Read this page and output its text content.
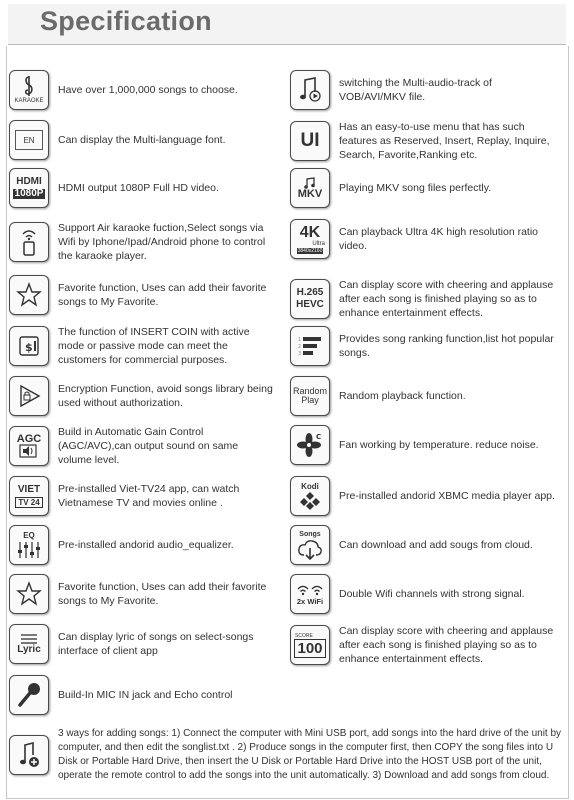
Specification
KARAOKE
Have over 1,000,000 songs to choose.
EN Can display the Multi-language font.
HDMI
1080P HDMI output 1080P Full HD video.
Support Air karaoke fuction,Select songs via Wifi by Iphone/Ipad/Android phone to control the karaoke player.
Favorite function, Uses can add their favorite songs to My Favorite.
$
The function of INSERT COIN with active mode or passive mode can meet the customers for commercial purposes.
Encryption Function, avoid songs library being used without authorization.
AGC
Build in Automatic Gain Control (AGC/AVC),can output sound on same volume level.
VIET
TV 24
Pre-installed Viet-TV24 app, can watch Vietnamese TV and movies online .
EQ
Pre-installed andorid audio_equalizer.
Favorite function, Uses can add their favorite songs to My Favorite.
Lyric
Can display lyric of songs on select-songs interface of client app
Build-In MIC IN jack and Echo control
switching the Multi-audio-track of VOB/AVI/MKV file.
UI
Has an easy-to-use menu that has such features as Reserved, Insert, Replay, Inquire, Search, Favorite,Ranking etc.
MKV Playing MKV song files perfectly.
4K
Ultra
3840x2160
Can playback Ultra 4K high resolution ratio video.
H.265
HEVC
Can display score with cheering and applause after each song is finished playing so as to enhance entertainment effects.
1
2
3
Provides song ranking function,list hot popular songs.
Random
Play Random playback function.
C
Fan working by temperature. reduce noise.
Kodi
Pre-installed andorid XBMC media player app.
Songs
Can download and add sougs from cloud.
2x WiFi
Double Wifi channels with strong signal.
SCORE
100
Can display score with cheering and applause after each song is finished playing so as to enhance entertainment effects.
3 ways for adding songs: 1) Connect the computer with Mini USB port, add songs into the hard drive of the unit by computer, and then edit the songlist.txt . 2) Produce songs in the computer first, then COPY the song files into U Disk or Portable Hard Drive, then insert the U Disk or Portable Hard Drive into the HOST USB port of the unit, operate the remote control to add the songs into the unit automatically. 3) Download and add songs from cloud.
